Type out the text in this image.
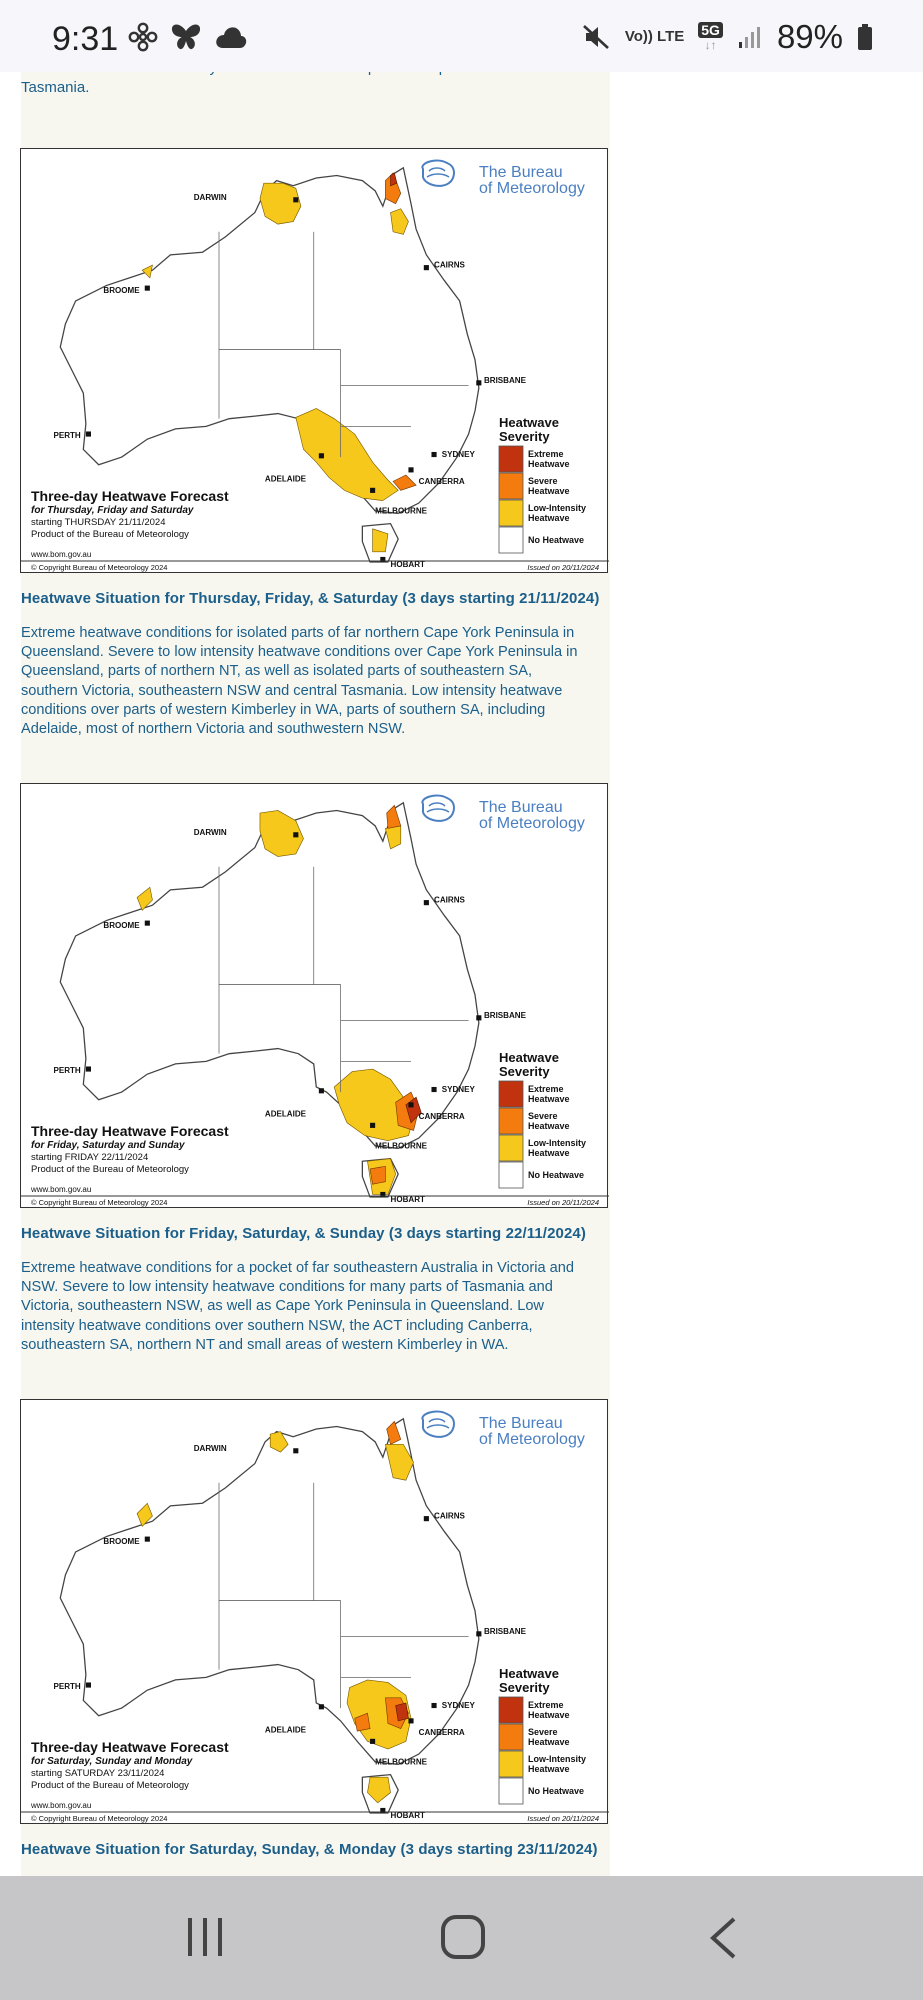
9:31	Vo)) LTE 5G
↓↑ 89%
Tasmania.
DARWIN
CAIRNS
BROOME
BRISBANE
PERTH
ADELAIDE
SYDNEY
CANBERRA
MELBOURNE
HOBART
The Bureau
of Meteorology
Heatwave
Severity
Extreme
Heatwave
Severe
Heatwave
Low-Intensity
Heatwave
No Heatwave
Three-day Heatwave Forecast
for Thursday, Friday and Saturday
starting THURSDAY 21/11/2024
Product of the Bureau of Meteorology
www.bom.gov.au
© Copyright Bureau of Meteorology 2024	Issued on 20/11/2024
Heatwave Situation for Thursday, Friday, & Saturday (3 days starting 21/11/2024)
Extreme heatwave conditions for isolated parts of far northern Cape York Peninsula in Queensland. Severe to low intensity heatwave conditions over Cape York Peninsula in Queensland, parts of northern NT, as well as isolated parts of southeastern SA, southern Victoria, southeastern NSW and central Tasmania. Low intensity heatwave conditions over parts of western Kimberley in WA, parts of southern SA, including Adelaide, most of northern Victoria and southwestern NSW.
DARWIN
CAIRNS
BROOME
BRISBANE
PERTH
ADELAIDE
SYDNEY
CANBERRA
MELBOURNE
HOBART
The Bureau
of Meteorology
Heatwave
Severity
Extreme
Heatwave
Severe
Heatwave
Low-Intensity
Heatwave
No Heatwave
Three-day Heatwave Forecast
for Friday, Saturday and Sunday
starting FRIDAY 22/11/2024
Product of the Bureau of Meteorology
www.bom.gov.au
© Copyright Bureau of Meteorology 2024	Issued on 20/11/2024
Heatwave Situation for Friday, Saturday, & Sunday (3 days starting 22/11/2024)
Extreme heatwave conditions for a pocket of far southeastern Australia in Victoria and NSW. Severe to low intensity heatwave conditions for many parts of Tasmania and Victoria, southeastern NSW, as well as Cape York Peninsula in Queensland. Low intensity heatwave conditions over southern NSW, the ACT including Canberra, southeastern SA, northern NT and small areas of western Kimberley in WA.
DARWIN
CAIRNS
BROOME
BRISBANE
PERTH
ADELAIDE
SYDNEY
CANBERRA
MELBOURNE
HOBART
The Bureau
of Meteorology
Heatwave
Severity
Extreme
Heatwave
Severe
Heatwave
Low-Intensity
Heatwave
No Heatwave
Three-day Heatwave Forecast
for Saturday, Sunday and Monday
starting SATURDAY 23/11/2024
Product of the Bureau of Meteorology
www.bom.gov.au
© Copyright Bureau of Meteorology 2024	Issued on 20/11/2024
Heatwave Situation for Saturday, Sunday, & Monday (3 days starting 23/11/2024)
